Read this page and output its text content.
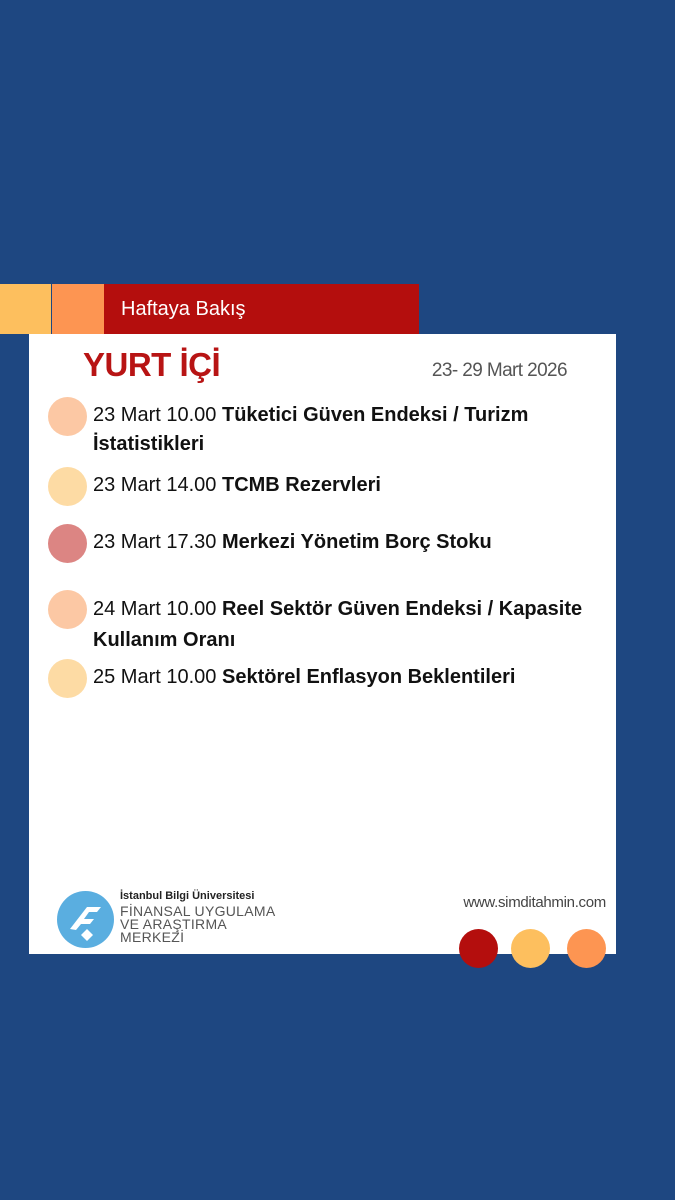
Haftaya Bakış
YURT İÇİ	23- 29 Mart 2026
23 Mart 10.00 Tüketici Güven Endeksi / Turizm İstatistikleri
23 Mart 14.00 TCMB Rezervleri
23 Mart 17.30 Merkezi Yönetim Borç Stoku
24 Mart 10.00 Reel Sektör Güven Endeksi / Kapasite Kullanım Oranı
25 Mart 10.00 Sektörel Enflasyon Beklentileri
İstanbul Bilgi Üniversitesi
FİNANSAL UYGULAMA
VE ARAŞTIRMA
MERKEZİ
www.simditahmin.com
